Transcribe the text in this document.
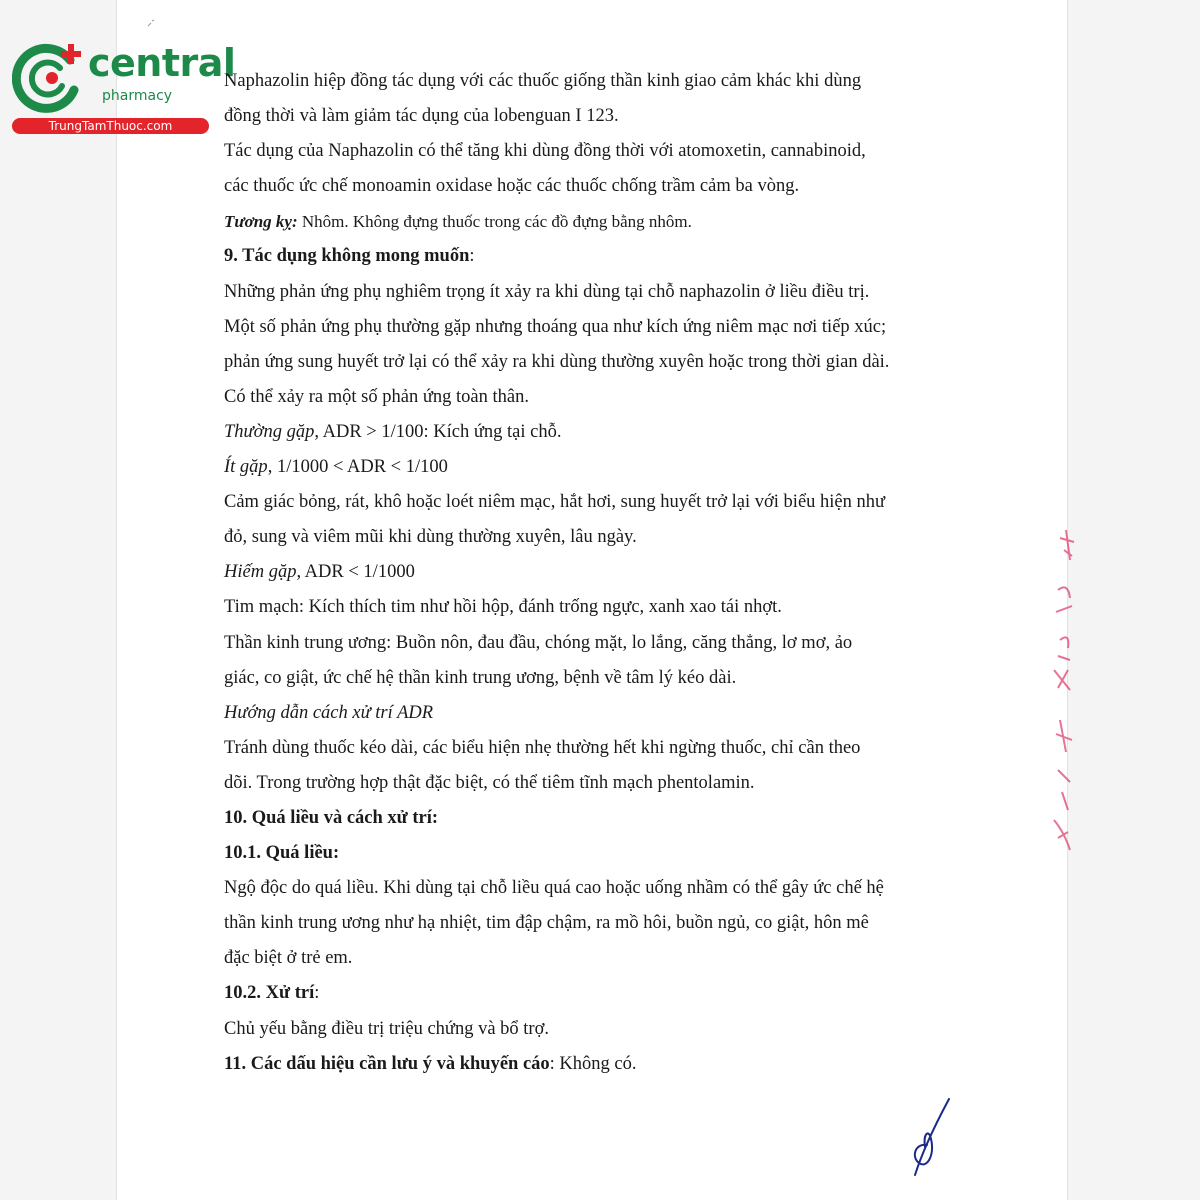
central
pharmacy
TrungTamThuoc.com
Naphazolin hiệp đồng tác dụng với các thuốc giống thần kinh giao cảm khác khi dùng
đồng thời và làm giảm tác dụng của lobenguan I 123.
Tác dụng của Naphazolin có thể tăng khi dùng đồng thời với atomoxetin, cannabinoid,
các thuốc ức chế monoamin oxidase hoặc các thuốc chống trầm cảm ba vòng.
Tương kỵ: Nhôm. Không đựng thuốc trong các đồ đựng bằng nhôm.
9. Tác dụng không mong muốn:
Những phản ứng phụ nghiêm trọng ít xảy ra khi dùng tại chỗ naphazolin ở liều điều trị.
Một số phản ứng phụ thường gặp nhưng thoáng qua như kích ứng niêm mạc nơi tiếp xúc;
phản ứng sung huyết trở lại có thể xảy ra khi dùng thường xuyên hoặc trong thời gian dài.
Có thể xảy ra một số phản ứng toàn thân.
Thường gặp, ADR > 1/100: Kích ứng tại chỗ.
Ít gặp, 1/1000 < ADR < 1/100
Cảm giác bỏng, rát, khô hoặc loét niêm mạc, hắt hơi, sung huyết trở lại với biểu hiện như
đỏ, sung và viêm mũi khi dùng thường xuyên, lâu ngày.
Hiếm gặp, ADR < 1/1000
Tim mạch: Kích thích tim như hồi hộp, đánh trống ngực, xanh xao tái nhợt.
Thần kinh trung ương: Buồn nôn, đau đầu, chóng mặt, lo lắng, căng thẳng, lơ mơ, ảo
giác, co giật, ức chế hệ thần kinh trung ương, bệnh về tâm lý kéo dài.
Hướng dẫn cách xử trí ADR
Tránh dùng thuốc kéo dài, các biểu hiện nhẹ thường hết khi ngừng thuốc, chỉ cần theo
dõi. Trong trường hợp thật đặc biệt, có thể tiêm tĩnh mạch phentolamin.
10. Quá liều và cách xử trí:
10.1. Quá liều:
Ngộ độc do quá liều. Khi dùng tại chỗ liều quá cao hoặc uống nhầm có thể gây ức chế hệ
thần kinh trung ương như hạ nhiệt, tim đập chậm, ra mồ hôi, buồn ngủ, co giật, hôn mê
đặc biệt ở trẻ em.
10.2. Xử trí:
Chủ yếu bằng điều trị triệu chứng và bổ trợ.
11. Các dấu hiệu cần lưu ý và khuyến cáo: Không có.
